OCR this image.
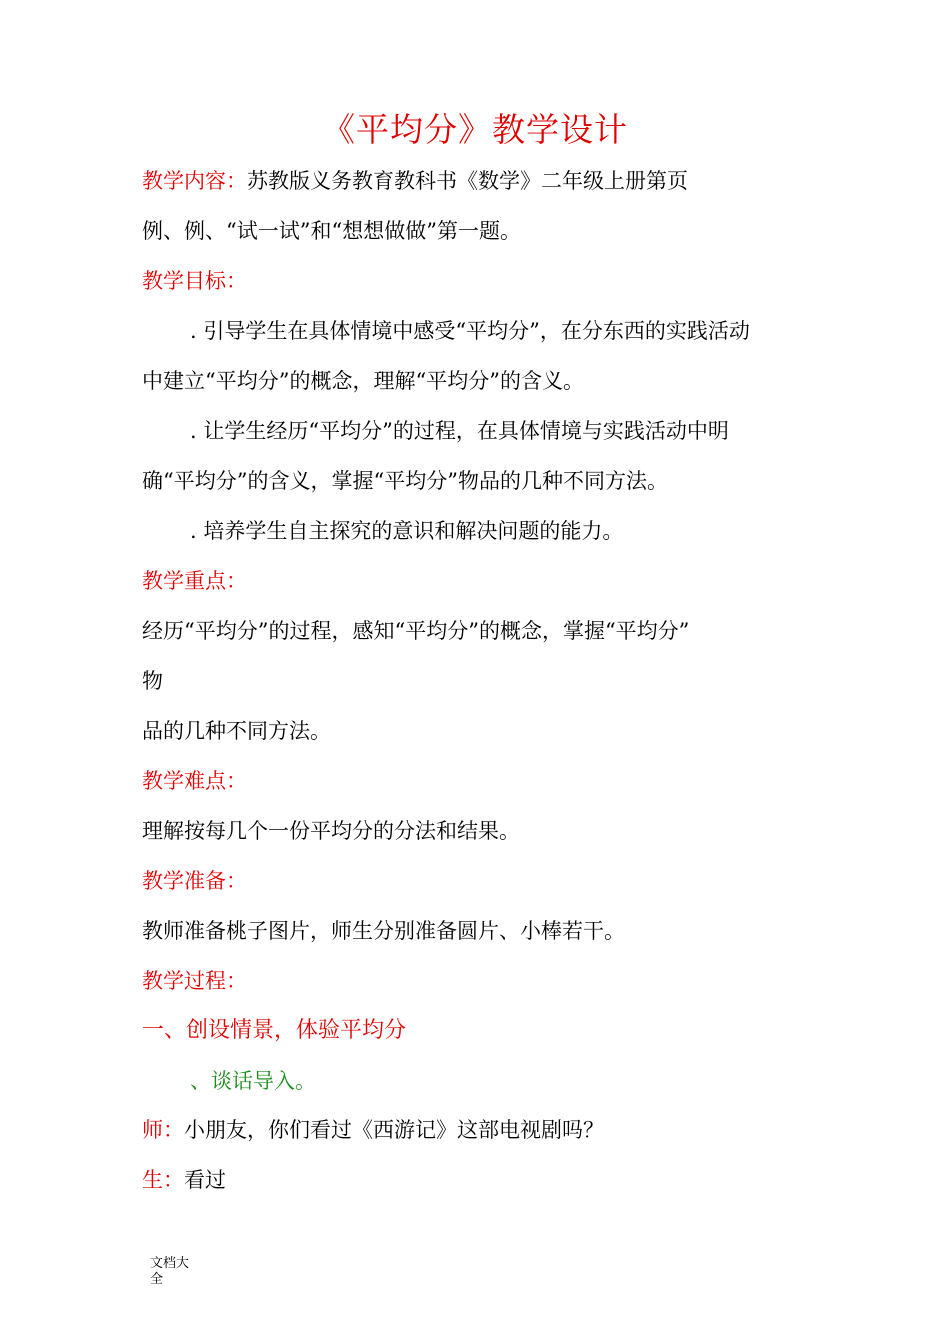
《平均分》教学设计
教学内容：苏教版义务教育教科书《数学》二年级上册第页
例、例、“试一试”和“想想做做”第一题。
教学目标：
. 引导学生在具体情境中感受“平均分”，在分东西的实践活动
中建立“平均分”的概念，理解“平均分”的含义。
. 让学生经历“平均分”的过程，在具体情境与实践活动中明
确“平均分”的含义，掌握“平均分”物品的几种不同方法。
. 培养学生自主探究的意识和解决问题的能力。
教学重点：
经历“平均分”的过程，感知“平均分”的概念，掌握“平均分”
物
品的几种不同方法。
教学难点：
理解按每几个一份平均分的分法和结果。
教学准备：
教师准备桃子图片，师生分别准备圆片、小棒若干。
教学过程：
一、创设情景，体验平均分
、谈话导入。
师：小朋友，你们看过《西游记》这部电视剧吗？
生：看过
文档大
全
